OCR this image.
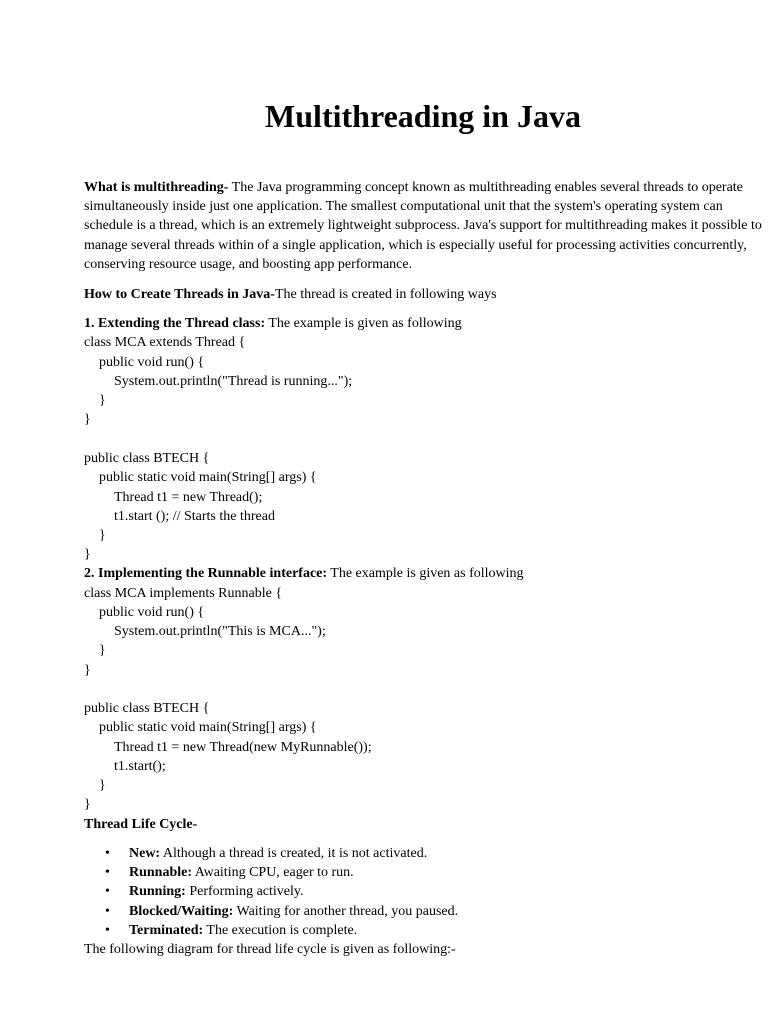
Multithreading in Java

What is multithreading- The Java programming concept known as multithreading enables several threads to operate simultaneously inside just one application. The smallest computational unit that the system's operating system can schedule is a thread, which is an extremely lightweight subprocess. Java's support for multithreading makes it possible to manage several threads within of a single application, which is especially useful for processing activities concurrently, conserving resource usage, and boosting app performance.

How to Create Threads in Java-The thread is created in following ways

1. Extending the Thread class: The example is given as following

class MCA extends Thread {

public void run() {

System.out.println("Thread is running...");

}

}

public class BTECH {

public static void main(String[] args) {

Thread t1 = new Thread();

t1.start (); // Starts the thread

}

}

2. Implementing the Runnable interface: The example is given as following

class MCA implements Runnable {

public void run() {

System.out.println("This is MCA...");

}

}

public class BTECH {

public static void main(String[] args) {

Thread t1 = new Thread(new MyRunnable());

t1.start();

}

}

Thread Life Cycle-

• New: Although a thread is created, it is not activated.
• Runnable: Awaiting CPU, eager to run.
• Running: Performing actively.
• Blocked/Waiting: Waiting for another thread, you paused.
• Terminated: The execution is complete.

The following diagram for thread life cycle is given as following:-
